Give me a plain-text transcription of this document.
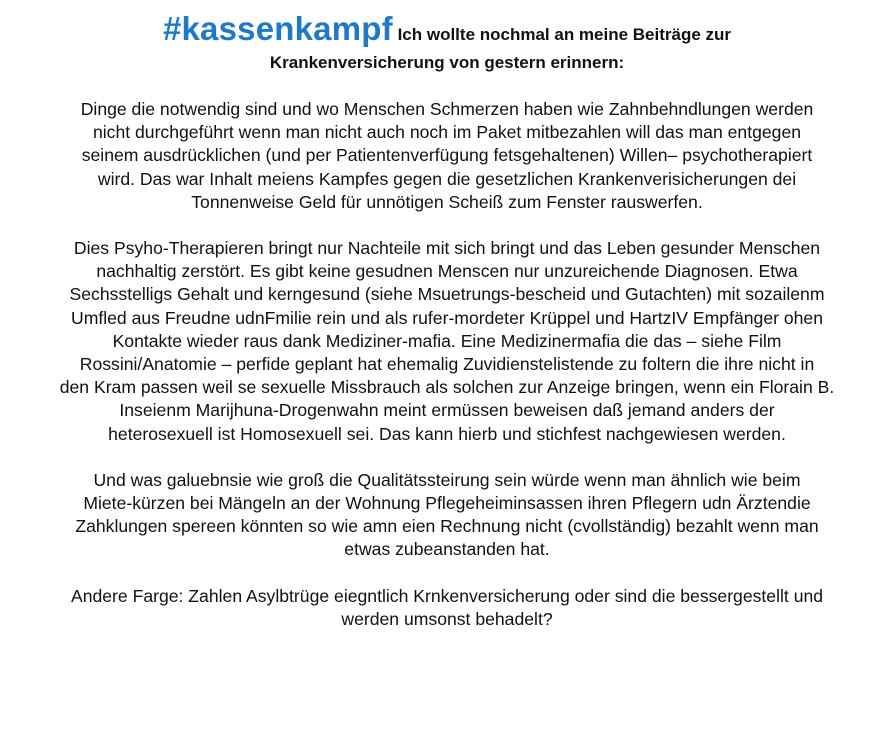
#kassenkampf Ich wollte nochmal an meine Beiträge zur
Krankenversicherung von gestern erinnern:

Dinge die notwendig sind und wo Menschen Schmerzen haben wie Zahnbehndlungen werden
nicht durchgeführt wenn man nicht auch noch im Paket mitbezahlen will das man entgegen
seinem ausdrücklichen (und per Patientenverfügung fetsgehaltenen) Willen– psychotherapiert
wird. Das war Inhalt meiens Kampfes gegen die gesetzlichen Krankenverisicherungen dei
Tonnenweise Geld für unnötigen Scheiß zum Fenster rauswerfen.

Dies Psyho-Therapieren bringt nur Nachteile mit sich bringt und das Leben gesunder Menschen
nachhaltig zerstört. Es gibt keine gesudnen Menscen nur unzureichende Diagnosen. Etwa
Sechsstelligs Gehalt und kerngesund (siehe Msuetrungs-bescheid und Gutachten) mit sozailenm
Umfled aus Freudne udnFmilie rein und als rufer-mordeter Krüppel und HartzIV Empfänger ohen
Kontakte wieder raus dank Mediziner-mafia. Eine Medizinermafia die das – siehe Film
Rossini/Anatomie – perfide geplant hat ehemalig Zuvidienstelistende zu foltern die ihre nicht in
den Kram passen weil se sexuelle Missbrauch als solchen zur Anzeige bringen, wenn ein Florain B.
Inseienm Marijhuna-Drogenwahn meint ermüssen beweisen daß jemand anders der
heterosexuell ist Homosexuell sei. Das kann hierb und stichfest nachgewiesen werden.

Und was galuebnsie wie groß die Qualitätssteirung sein würde wenn man ähnlich wie beim
Miete-kürzen bei Mängeln an der Wohnung Pflegeheiminsassen ihren Pflegern udn Ärztendie
Zahklungen spereen könnten so wie amn eien Rechnung nicht (cvollständig) bezahlt wenn man
etwas zubeanstanden hat.

Andere Farge: Zahlen Asylbtrüge eiegntlich Krnkenversicherung oder sind die bessergestellt und
werden umsonst behadelt?
